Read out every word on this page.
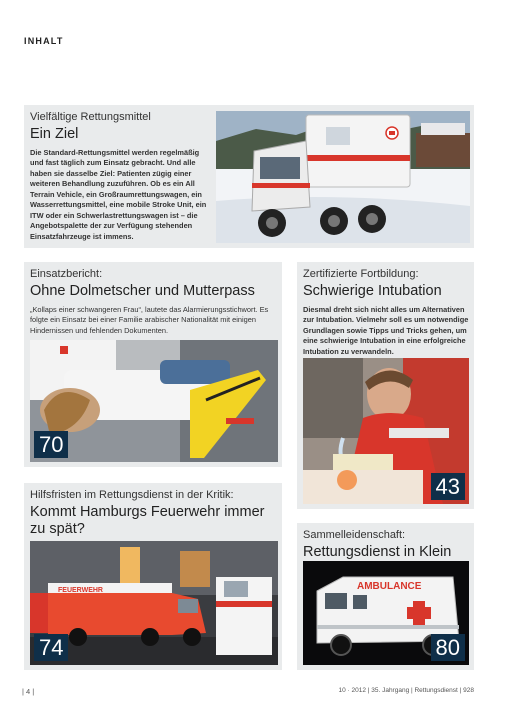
INHALT
Vielfältige Rettungsmittel
Ein Ziel
Die Standard-Rettungsmittel werden regelmäßig und fast täglich zum Einsatz gebracht. Und alle haben sie dasselbe Ziel: Patienten zügig einer weiteren Behandlung zuzuführen. Ob es ein All Terrain Vehicle, ein Großraumrettungswagen, ein Wasserrettungsmittel, eine mobile Stroke Unit, ein ITW oder ein Schwerlastrettungswagen ist – die Angebotspalette der zur Verfügung stehenden Einsatzfahrzeuge ist immens.
Einsatzbericht:
Ohne Dolmetscher und Mutterpass
„Kollaps einer schwangeren Frau“, lautete das Alarmierungsstichwort. Es folgte ein Einsatz bei einer Familie arabischer Nationalität mit einigen Hindernissen und fehlenden Dokumenten.
70
Zertifizierte Fortbildung:
Schwierige Intubation
Diesmal dreht sich nicht alles um Alternativen zur Intubation. Vielmehr soll es um notwendige Grundlagen sowie Tipps und Tricks gehen, um eine schwierige Intubation in eine erfolgreiche Intubation zu verwandeln.
43
Hilfsfristen im Rettungsdienst in der Kritik:
Kommt Hamburgs Feuerwehr immer zu spät?
FEUERWEHR
74
Sammelleidenschaft:
Rettungsdienst in Klein
AMBULANCE
80
| 4 |	10 · 2012 | 35. Jahrgang | Rettungsdienst | 928
